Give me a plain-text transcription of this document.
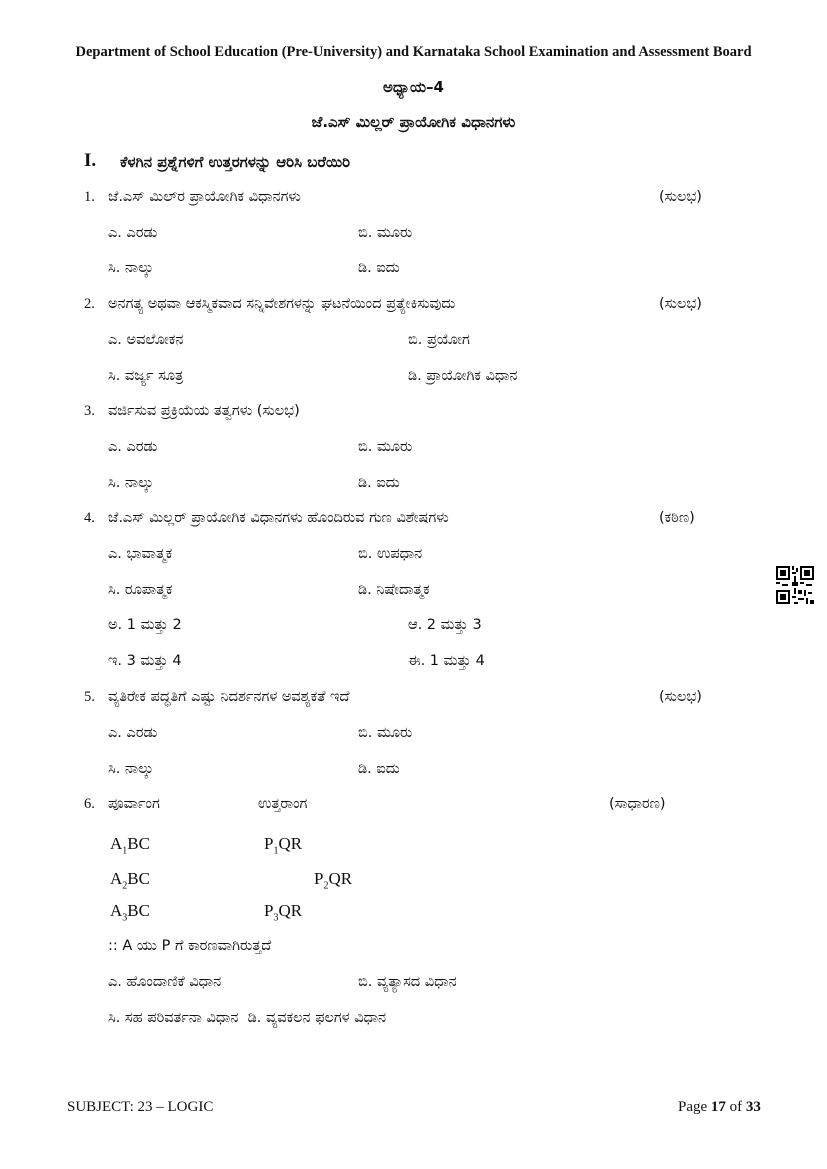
Department of School Education (Pre-University) and Karnataka School Examination and Assessment Board
ಅಧ್ಯಾಯ–4
ಜೆ.ಎಸ್ ಮಿಲ್ಲರ್ ಪ್ರಾಯೋಗಿಕ ವಿಧಾನಗಳು
I. ಕೆಳಗಿನ ಪ್ರಶ್ನೆಗಳಿಗೆ ಉತ್ತರಗಳನ್ನು ಆರಿಸಿ ಬರೆಯಿರಿ
1. ಜೆ.ಎಸ್ ಮಿಲ್‌ರ ಪ್ರಾಯೋಗಿಕ ವಿಧಾನಗಳು	(ಸುಲಭ)
ಎ. ಎರಡು	ಬಿ. ಮೂರು
ಸಿ. ನಾಲ್ಕು	ಡಿ. ಐದು
2. ಅನಗತ್ಯ ಅಥವಾ ಆಕಸ್ಮಿಕವಾದ ಸನ್ನಿವೇಶಗಳನ್ನು ಘಟನೆಯಿಂದ ಪ್ರತ್ಯೇಕಿಸುವುದು	(ಸುಲಭ)
ಎ. ಅವಲೋಕನ	ಬಿ. ಪ್ರಯೋಗ
ಸಿ. ವರ್ಜ್ಯ ಸೂತ್ರ	ಡಿ. ಪ್ರಾಯೋಗಿಕ ವಿಧಾನ
3. ವರ್ಜಿಸುವ ಪ್ರಕ್ರಿಯೆಯ ತತ್ವಗಳು (ಸುಲಭ)
ಎ. ಎರಡು	ಬಿ. ಮೂರು
ಸಿ. ನಾಲ್ಕು	ಡಿ. ಐದು
4. ಜೆ.ಎಸ್ ಮಿಲ್ಲರ್ ಪ್ರಾಯೋಗಿಕ ವಿಧಾನಗಳು ಹೊಂದಿರುವ ಗುಣ ವಿಶೇಷಗಳು	(ಕಠಿಣ)
ಎ. ಭಾವಾತ್ಮಕ	ಬಿ. ಉಪಧಾನ
ಸಿ. ರೂಪಾತ್ಮಕ	ಡಿ. ನಿಷೇದಾತ್ಮಕ
ಅ. 1 ಮತ್ತು 2	ಆ. 2 ಮತ್ತು 3
ಇ. 3 ಮತ್ತು 4	ಈ. 1 ಮತ್ತು 4
5. ವ್ಯತಿರೇಕ ಪದ್ಧತಿಗೆ ಎಷ್ಟು ನಿದರ್ಶನಗಳ ಅವಶ್ಯಕತೆ ಇದೆ	(ಸುಲಭ)
ಎ. ಎರಡು	ಬಿ. ಮೂರು
ಸಿ. ನಾಲ್ಕು	ಡಿ. ಐದು
6. ಪೂರ್ವಾಂಗ	ಉತ್ತರಾಂಗ	(ಸಾಧಾರಣ)
$A_1BC$	$P_1QR$
$A_2BC$	$P_2QR$
$A_3BC$	$P_3QR$
:: A ಯು P ಗೆ ಕಾರಣವಾಗಿರುತ್ತದೆ
ಎ. ಹೊಂದಾಣಿಕೆ ವಿಧಾನ	ಬಿ. ವ್ಯತ್ಯಾಸದ ವಿಧಾನ
ಸಿ. ಸಹ ಪರಿವರ್ತನಾ ವಿಧಾನ  ಡಿ. ವ್ಯವಕಲನ ಫಲಗಳ ವಿಧಾನ
SUBJECT: 23 – LOGIC	Page 17 of 33
